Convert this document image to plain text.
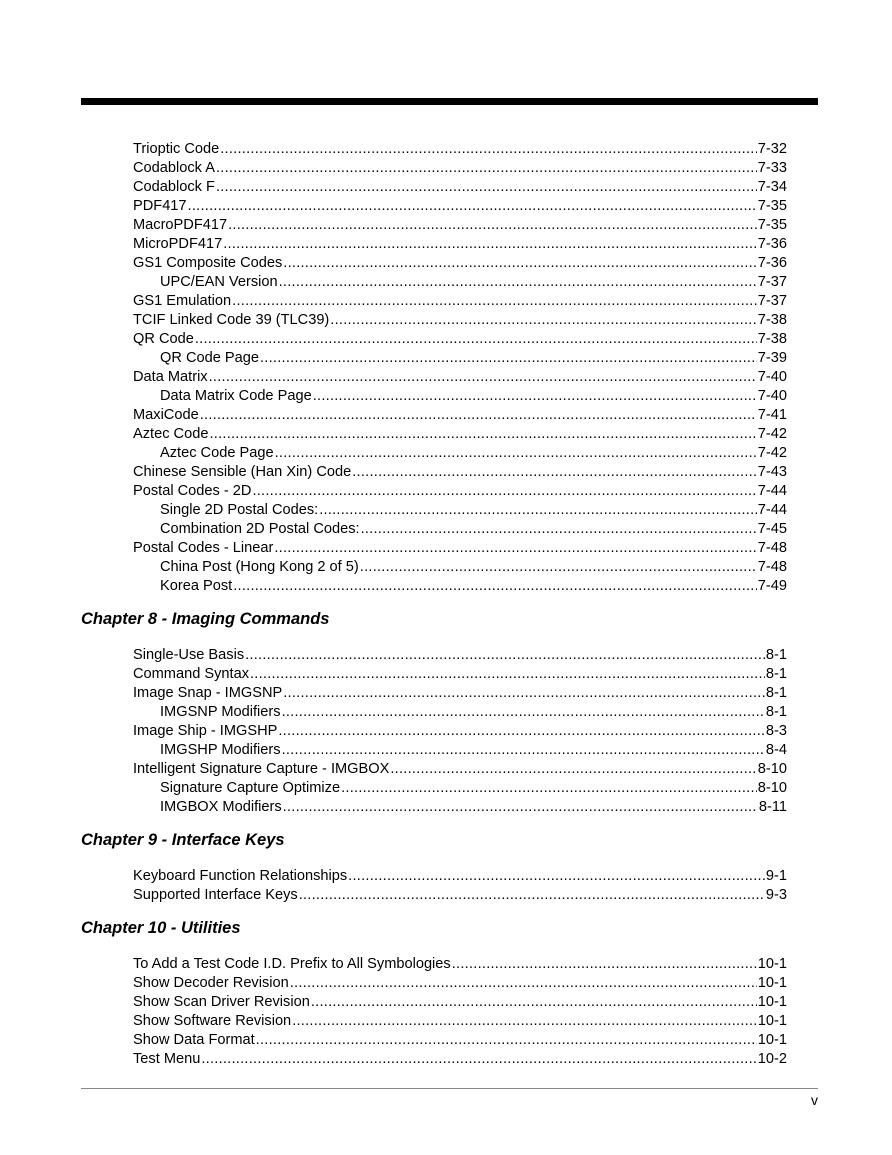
Trioptic Code . . .	7-32
Codablock A . . .	7-33
Codablock F . . .	7-34
PDF417 . . .	7-35
MacroPDF417 . . .	7-35
MicroPDF417 . . .	7-36
GS1 Composite Codes . . .	7-36
UPC/EAN Version . . .	7-37
GS1 Emulation . . .	7-37
TCIF Linked Code 39 (TLC39) . . .	7-38
QR Code . . .	7-38
QR Code Page . . .	7-39
Data Matrix . . .	7-40
Data Matrix Code Page . . .	7-40
MaxiCode . . .	7-41
Aztec Code . . .	7-42
Aztec Code Page . . .	7-42
Chinese Sensible (Han Xin) Code . . .	7-43
Postal Codes - 2D . . .	7-44
Single 2D Postal Codes: . . .	7-44
Combination 2D Postal Codes: . . .	7-45
Postal Codes - Linear . . .	7-48
China Post (Hong Kong 2 of 5) . . .	7-48
Korea Post . . .	7-49
Chapter 8 - Imaging Commands
Single-Use Basis . . .	8-1
Command Syntax . . .	8-1
Image Snap - IMGSNP . . .	8-1
IMGSNP Modifiers . . .	8-1
Image Ship - IMGSHP . . .	8-3
IMGSHP Modifiers . . .	8-4
Intelligent Signature Capture - IMGBOX . . .	8-10
Signature Capture Optimize . . .	8-10
IMGBOX Modifiers . . .	8-11
Chapter 9 - Interface Keys
Keyboard Function Relationships . . .	9-1
Supported Interface Keys . . .	9-3
Chapter 10 - Utilities
To Add a Test Code I.D. Prefix to All Symbologies . . .	10-1
Show Decoder Revision . . .	10-1
Show Scan Driver Revision . . .	10-1
Show Software Revision . . .	10-1
Show Data Format . . .	10-1
Test Menu . . .	10-2
v
